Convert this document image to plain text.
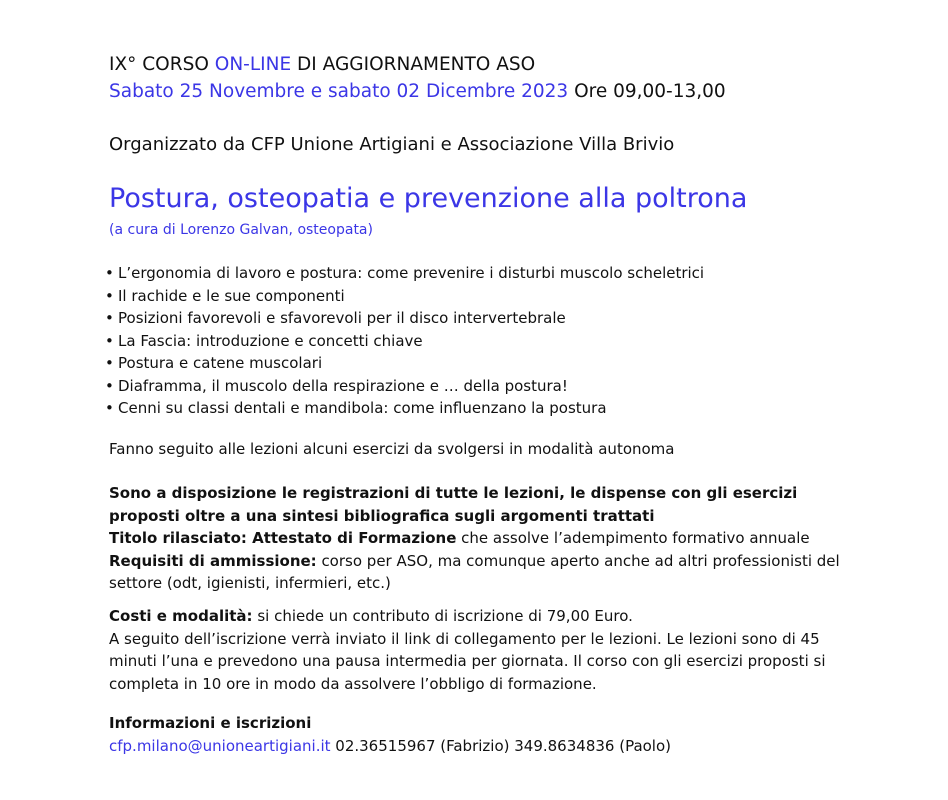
IX° CORSO ON-LINE DI AGGIORNAMENTO ASO
Sabato 25 Novembre e sabato 02 Dicembre 2023 Ore 09,00-13,00
Organizzato da CFP Unione Artigiani e Associazione Villa Brivio
Postura, osteopatia e prevenzione alla poltrona
(a cura di Lorenzo Galvan, osteopata)
• L’ergonomia di lavoro e postura: come prevenire i disturbi muscolo scheletrici
• Il rachide e le sue componenti
• Posizioni favorevoli e sfavorevoli per il disco intervertebrale
• La Fascia: introduzione e concetti chiave
• Postura e catene muscolari
• Diaframma, il muscolo della respirazione e … della postura!
• Cenni su classi dentali e mandibola: come influenzano la postura
Fanno seguito alle lezioni alcuni esercizi da svolgersi in modalità autonoma
Sono a disposizione le registrazioni di tutte le lezioni, le dispense con gli esercizi proposti oltre a una sintesi bibliografica sugli argomenti trattati
Titolo rilasciato: Attestato di Formazione che assolve l’adempimento formativo annuale
Requisiti di ammissione: corso per ASO, ma comunque aperto anche ad altri professionisti del settore (odt, igienisti, infermieri, etc.)
Costi e modalità: si chiede un contributo di iscrizione di 79,00 Euro.
A seguito dell’iscrizione verrà inviato il link di collegamento per le lezioni. Le lezioni sono di 45 minuti l’una e prevedono una pausa intermedia per giornata. Il corso con gli esercizi proposti si completa in 10 ore in modo da assolvere l’obbligo di formazione.
Informazioni e iscrizioni
cfp.milano@unioneartigiani.it 02.36515967 (Fabrizio) 349.8634836 (Paolo)
